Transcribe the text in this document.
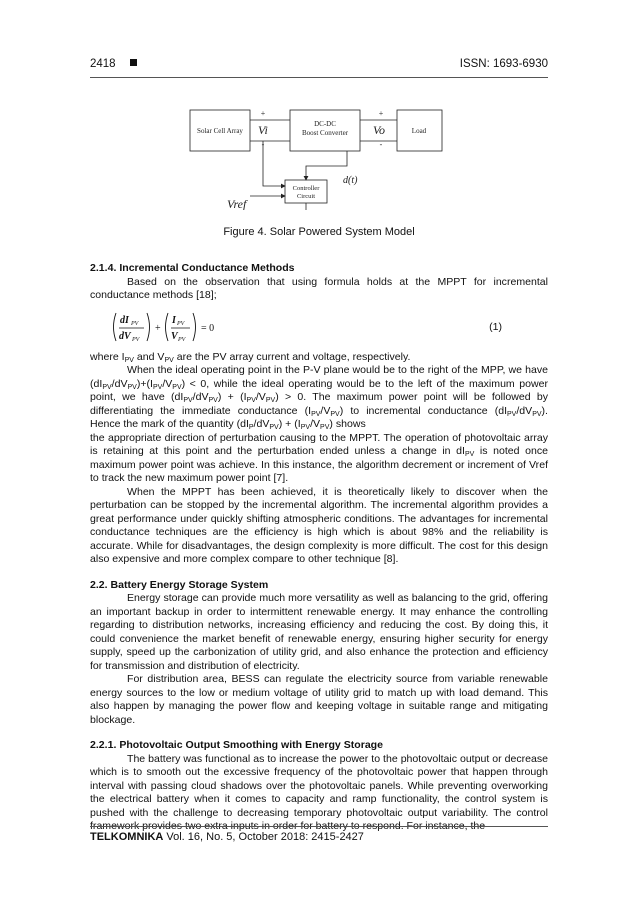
2418	ISSN: 1693-6930
Solar Cell Array
DC-DC
Boost Converter	Load
Controller
Circuit
+
-
+
-
Vi	Vo
d(t)
Vref
Figure 4. Solar Powered System Model
2.1.4. Incremental Conductance Methods

Based on the observation that using formula holds at the MPPT for incremental conductance methods [18];

dI PV
dV PV
+
I PV
V PV
= 0	(1)

where $I_{PV}$ and $V_{PV}$ are the PV array current and voltage, respectively.

When the ideal operating point in the P-V plane would be to the right of the MPP, we have $(dI_{PV}/dV_{PV})+(I_{PV}/V_{PV}) < 0$, while the ideal operating would be to the left of the maximum power point, we have $(dI_{PV}/dV_{PV}) + (I_{PV}/V_{PV}) > 0$. The maximum power point will be followed by differentiating the immediate conductance $(I_{PV}/V_{PV})$ to incremental conductance $(dI_{PV}/dV_{PV})$. Hence the mark of the quantity $(dI_P/dV_{PV}) + (I_{PV}/V_{PV})$ shows

the appropriate direction of perturbation causing to the MPPT. The operation of photovoltaic array is retaining at this point and the perturbation ended unless a change in $dI_{PV}$ is noted once maximum power point was achieve. In this instance, the algorithm decrement or increment of Vref to track the new maximum power point [7].

When the MPPT has been achieved, it is theoretically likely to discover when the perturbation can be stopped by the incremental algorithm. The incremental algorithm provides a great performance under quickly shifting atmospheric conditions. The advantages for incremental conductance techniques are the efficiency is high which is about 98% and the reliability is accurate. While for disadvantages, the design complexity is more difficult. The cost for this design also expensive and more complex compare to other technique [8].

2.2. Battery Energy Storage System

Energy storage can provide much more versatility as well as balancing to the grid, offering an important backup in order to intermittent renewable energy. It may enhance the controlling regarding to distribution networks, increasing efficiency and reducing the cost. By doing this, it could convenience the market benefit of renewable energy, ensuring higher security for energy supply, speed up the carbonization of utility grid, and also enhance the protection and efficiency for transmission and distribution of electricity.

For distribution area, BESS can regulate the electricity source from variable renewable energy sources to the low or medium voltage of utility grid to match up with load demand. This also happen by managing the power flow and keeping voltage in suitable range and mitigating blockage.

2.2.1. Photovoltaic Output Smoothing with Energy Storage

The battery was functional as to increase the power to the photovoltaic output or decrease which is to smooth out the excessive frequency of the photovoltaic power that happen through interval with passing cloud shadows over the photovoltaic panels. While preventing overworking the electrical battery when it comes to capacity and ramp functionality, the control system is pushed with the challenge to decreasing temporary photovoltaic output variability. The control framework provides two extra inputs in order for battery to respond. For instance, the

TELKOMNIKA Vol. 16, No. 5, October 2018: 2415-2427
